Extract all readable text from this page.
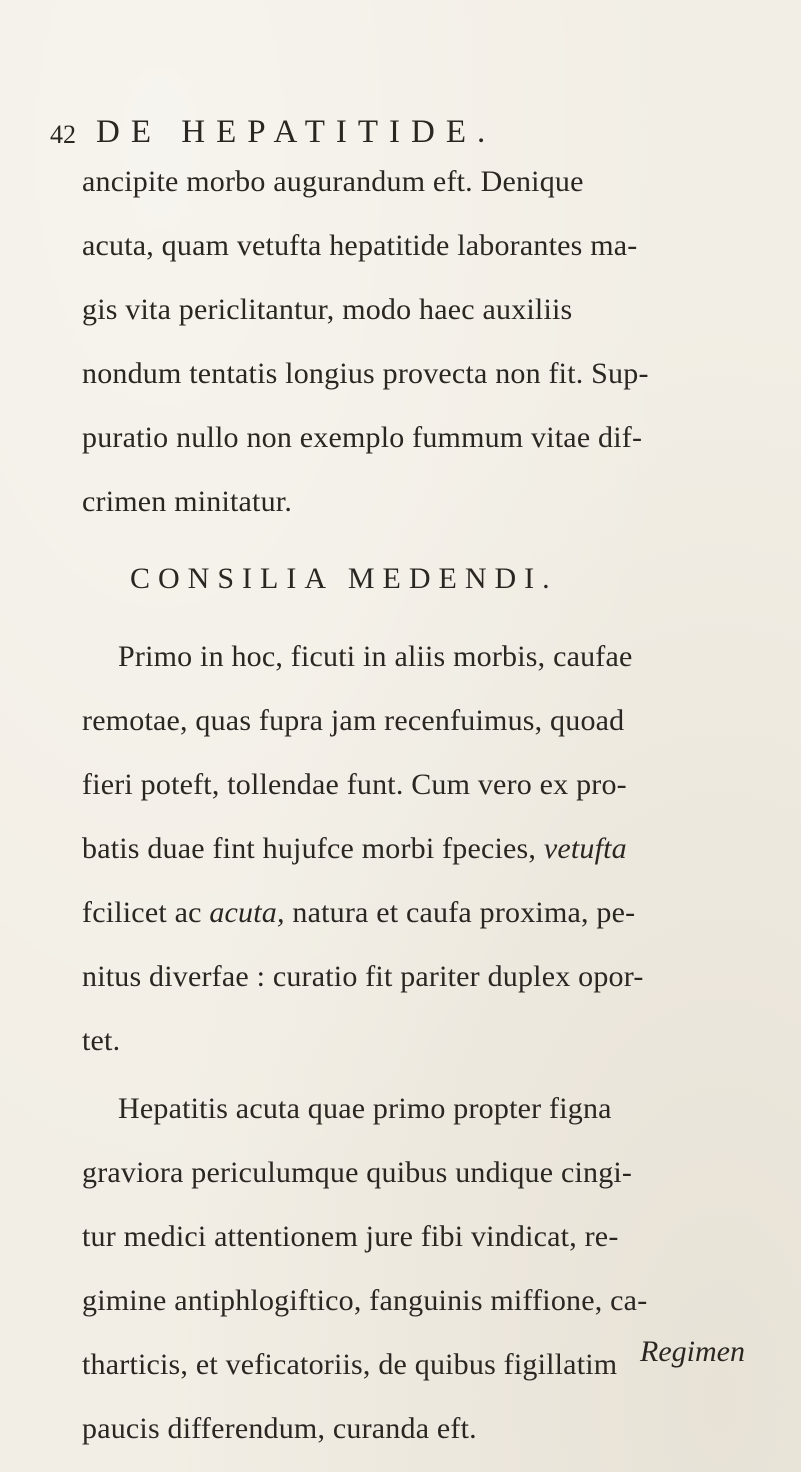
42 DE HEPATITIDE.
ancipite morbo augurandum eft. Denique
acuta, quam vetufta hepatitide laborantes ma-
gis vita periclitantur, modo haec auxiliis
nondum tentatis longius provecta non fit. Sup-
puratio nullo non exemplo fummum vitae dif-
crimen minitatur.
CONSILIA MEDENDI.
Primo in hoc, ficuti in aliis morbis, caufae
remotae, quas fupra jam recenfuimus, quoad
fieri poteft, tollendae funt. Cum vero ex pro-
batis duae fint hujufce morbi fpecies, vetufta
fcilicet ac acuta, natura et caufa proxima, pe-
nitus diverfae : curatio fit pariter duplex opor-
tet.
Hepatitis acuta quae primo propter figna
graviora periculumque quibus undique cingi-
tur medici attentionem jure fibi vindicat, re-
gimine antiphlogiftico, fanguinis miffione, ca-
tharticis, et veficatoriis, de quibus figillatim
paucis differendum, curanda eft.
Regimen
